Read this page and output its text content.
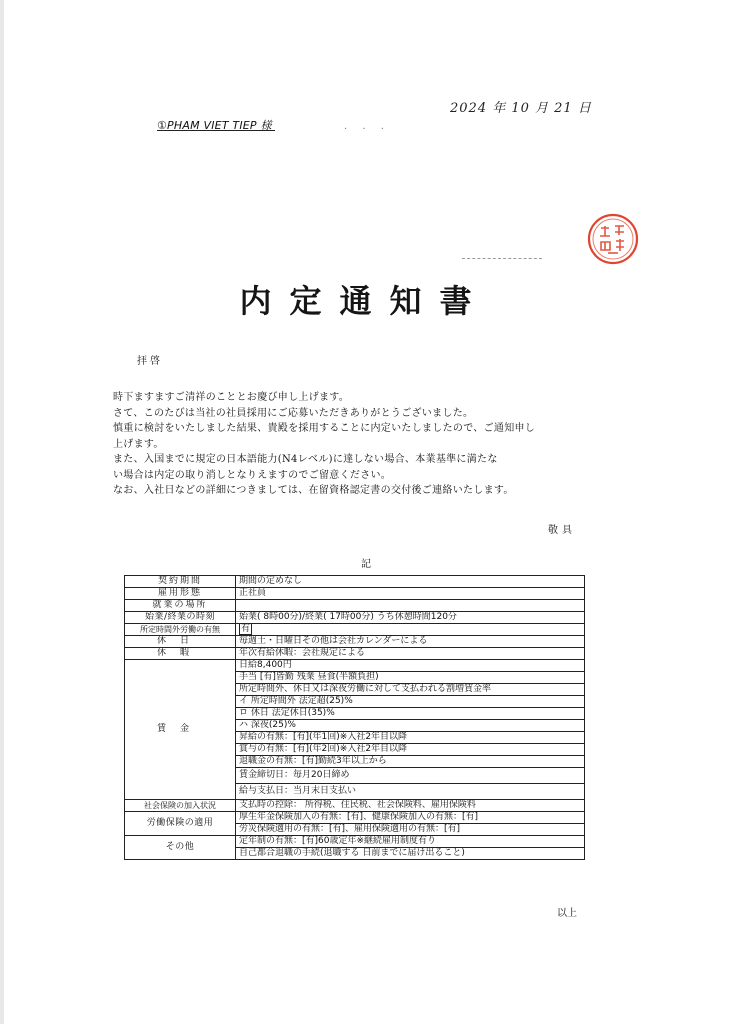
①PHAM VIET TIEP 様	· · ·
2024 年 10 月 21 日
内定通知書
拝啓

時下ますますご清祥のこととお慶び申し上げます。

さて、このたびは当社の社員採用にご応募いただきありがとうございました。

慎重に検討をいたしました結果、貴殿を採用することに内定いたしましたので、ご通知申し

上げます。

また、入国までに規定の日本語能力(N4レベル)に達しない場合、本業基準に満たな

い場合は内定の取り消しとなりえますのでご留意ください。

なお、入社日などの詳細につきましては、在留資格認定書の交付後ご連絡いたします。

敬具
記
契約期間	期間の定めなし
雇用形態	正社員
就業の場所	
始業/終業の時刻	始業( 8時00分)/終業( 17時00分) うち休憩時間120分
所定時間外労働の有無	有
休日	毎週土・日曜日その他は会社カレンダーによる
休暇	年次有給休暇：会社規定による
賃金	日給8,400円
	手当 [有]皆勤 残業 昼食(半額負担)
	所定時間外、休日又は深夜労働に対して支払われる割増賃金率
	イ 所定時間外 法定超(25)%
	ロ 休日 法定休日(35)%
	ハ 深夜(25)%
	昇給の有無：[有](年1回)※入社2年目以降
	賞与の有無：[有](年2回)※入社2年目以降
	退職金の有無：[有]勤続3年以上から
	賃金締切日：毎月20日締め
	給与支払日：当月末日支払い
社会保険の加入状況	支払時の控除： 所得税、住民税、社会保険料、雇用保険料
労働保険の適用	厚生年金保険加入の有無：[有]、健康保険加入の有無：[有]
	労災保険適用の有無：[有]、雇用保険適用の有無：[有]
その他	定年制の有無：[有]60歳定年※継続雇用制度有り
	自己都合退職の手続(退職する 日前までに届け出ること)
以上
